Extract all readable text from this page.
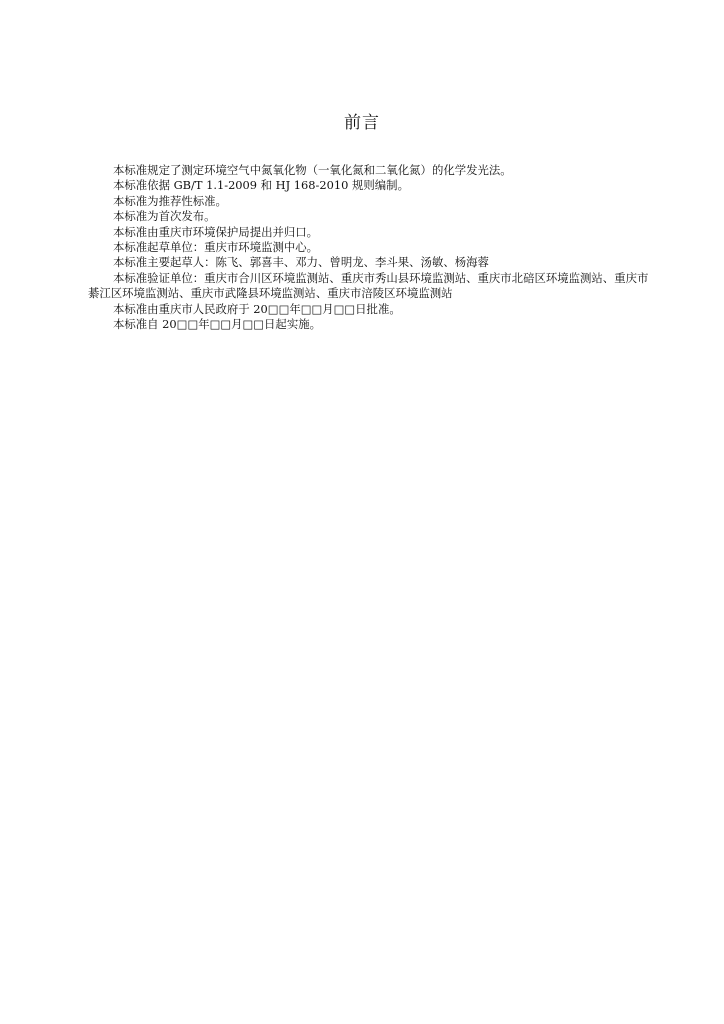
前言

本标准规定了测定环境空气中氮氧化物（一氧化氮和二氧化氮）的化学发光法。

本标准依据 GB/T 1.1-2009 和 HJ 168-2010 规则编制。

本标准为推荐性标准。

本标准为首次发布。

本标准由重庆市环境保护局提出并归口。

本标准起草单位：重庆市环境监测中心。

本标准主要起草人：陈飞、郭喜丰、邓力、曾明龙、李斗果、汤敏、杨海蓉

本标准验证单位：重庆市合川区环境监测站、重庆市秀山县环境监测站、重庆市北碚区环境监测站、重庆市綦江区环境监测站、重庆市武隆县环境监测站、重庆市涪陵区环境监测站

本标准由重庆市人民政府于 20□□年□□月□□日批准。

本标准自 20□□年□□月□□日起实施。
